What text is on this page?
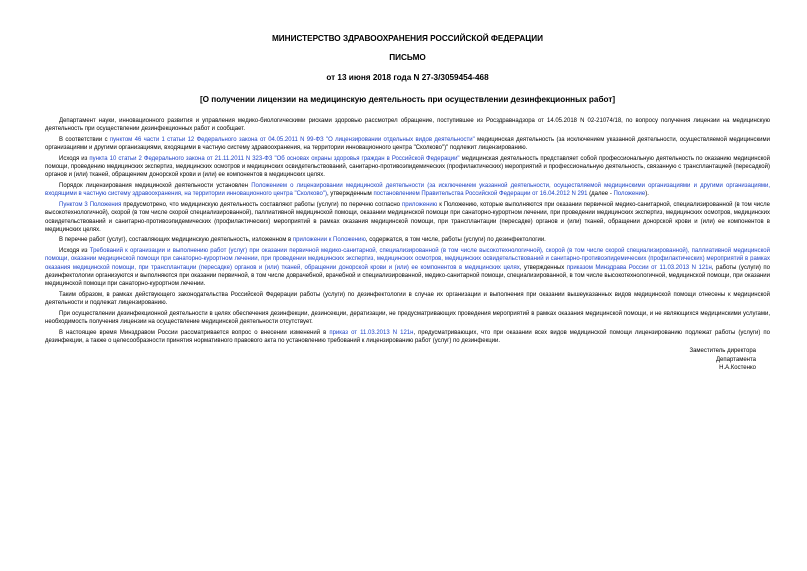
МИНИСТЕРСТВО ЗДРАВООХРАНЕНИЯ РОССИЙСКОЙ ФЕДЕРАЦИИ
ПИСЬМО
от 13 июня 2018 года N 27-3/3059454-468
[О получении лицензии на медицинскую деятельность при осуществлении дезинфекционных работ]

Департамент науки, инновационного развития и управления медико-биологическими рисками здоровью рассмотрел обращение, поступившее из Росздравнадзора от 14.05.2018 N 02-21074/18, по вопросу получения лицензии на медицинскую деятельность при осуществлении дезинфекционных работ и сообщает.

В соответствии с пунктом 46 части 1 статьи 12 Федерального закона от 04.05.2011 N 99-ФЗ "О лицензировании отдельных видов деятельности" медицинская деятельность (за исключением указанной деятельности, осуществляемой медицинскими организациями и другими организациями, входящими в частную систему здравоохранения, на территории инновационного центра "Сколково")" подлежит лицензированию.

Исходя из пункта 10 статьи 2 Федерального закона от 21.11.2011 N 323-ФЗ "Об основах охраны здоровья граждан в Российской Федерации" медицинская деятельность представляет собой профессиональную деятельность по оказанию медицинской помощи, проведению медицинских экспертиз, медицинских осмотров и медицинских освидетельствований, санитарно-противоэпидемических (профилактических) мероприятий и профессиональную деятельность, связанную с трансплантацией (пересадкой) органов и (или) тканей, обращением донорской крови и (или) ее компонентов в медицинских целях.

Порядок лицензирования медицинской деятельности установлен Положением о лицензировании медицинской деятельности (за исключением указанной деятельности, осуществляемой медицинскими организациями и другими организациями, входящими в частную систему здравоохранения, на территории инновационного центра "Сколково"), утвержденным постановлением Правительства Российской Федерации от 16.04.2012 N 291 (далее - Положение).

Пунктом 3 Положения предусмотрено, что медицинскую деятельность составляют работы (услуги) по перечню согласно приложению к Положению, которые выполняются при оказании первичной медико-санитарной, специализированной (в том числе высокотехнологичной), скорой (в том числе скорой специализированной), паллиативной медицинской помощи, оказании медицинской помощи при санаторно-курортном лечении, при проведении медицинских экспертиз, медицинских осмотров, медицинских освидетельствований и санитарно-противоэпидемических (профилактических) мероприятий в рамках оказания медицинской помощи, при трансплантации (пересадке) органов и (или) тканей, обращении донорской крови и (или) ее компонентов в медицинских целях.

В перечне работ (услуг), составляющих медицинскую деятельность, изложенном в приложении к Положению, содержатся, в том числе, работы (услуги) по дезинфектологии.

Исходя из Требований к организации и выполнению работ (услуг) при оказании первичной медико-санитарной, специализированной (в том числе высокотехнологичной), скорой (в том числе скорой специализированной), паллиативной медицинской помощи, оказании медицинской помощи при санаторно-курортном лечении, при проведении медицинских экспертиз, медицинских осмотров, медицинских освидетельствований и санитарно-противоэпидемических (профилактических) мероприятий в рамках оказания медицинской помощи, при трансплантации (пересадке) органов и (или) тканей, обращении донорской крови и (или) ее компонентов в медицинских целях, утвержденных приказом Минздрава России от 11.03.2013 N 121н, работы (услуги) по дезинфектологии организуются и выполняются при оказании первичной, в том числе доврачебной, врачебной и специализированной, медико-санитарной помощи, специализированной, в том числе высокотехнологичной, медицинской помощи, при оказании медицинской помощи при санаторно-курортном лечении.

Таким образом, в рамках действующего законодательства Российской Федерации работы (услуги) по дезинфектологии в случае их организации и выполнения при оказании вышеуказанных видов медицинской помощи отнесены к медицинской деятельности и подлежат лицензированию.

При осуществлении дезинфекционной деятельности в целях обеспечения дезинфекции, дезинсекции, дератизации, не предусматривающих проведения мероприятий в рамках оказания медицинской помощи, и не являющихся медицинскими услугами, необходимость получения лицензии на осуществление медицинской деятельности отсутствует.

В настоящее время Минздравом России рассматривается вопрос о внесении изменений в приказ от 11.03.2013 N 121н, предусматривающих, что при оказании всех видов медицинской помощи лицензированию подлежат работы (услуги) по дезинфекции, а также о целесообразности принятия нормативного правового акта по установлению требований к лицензированию работ (услуг) по дезинфекции.

Заместитель директора
Департамента
Н.А.Костенко
